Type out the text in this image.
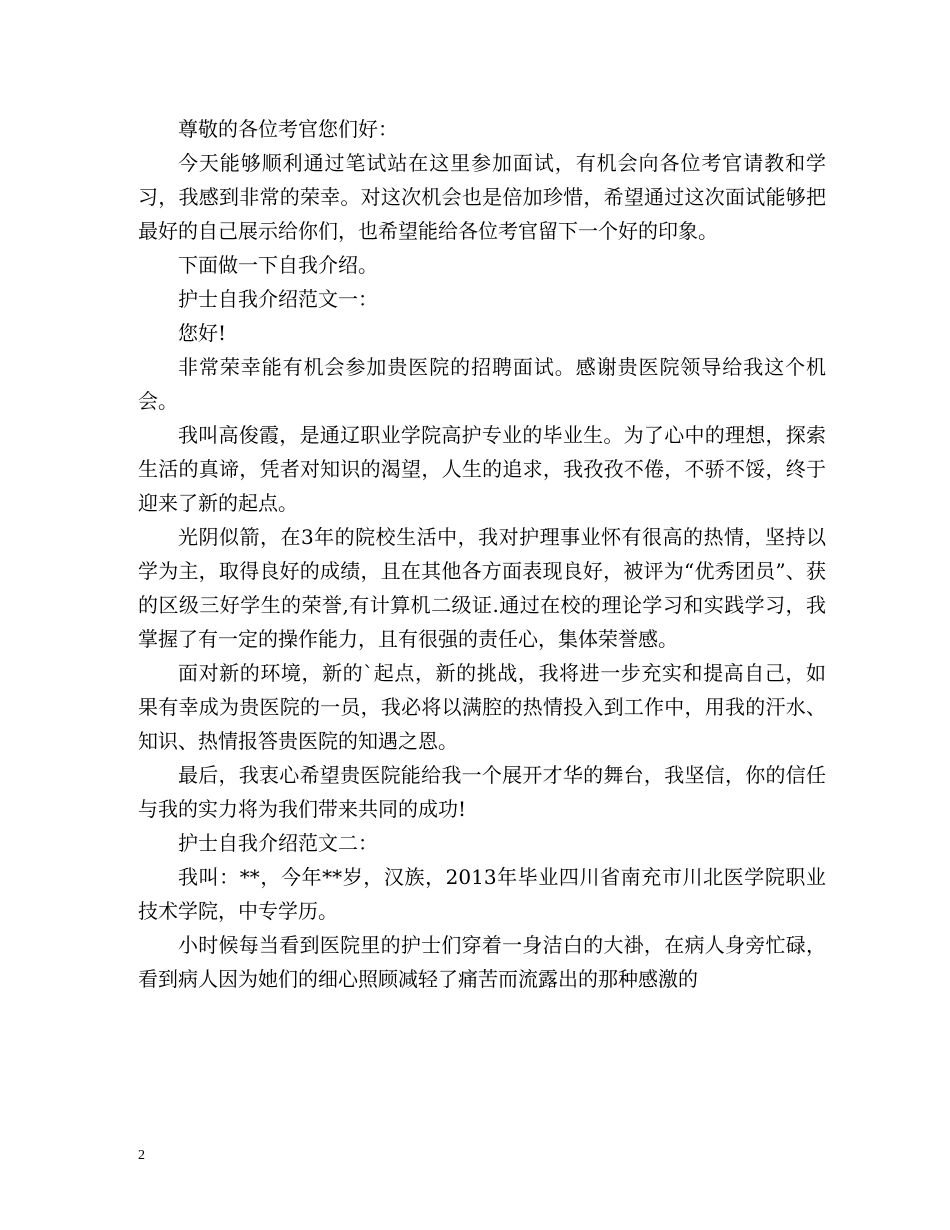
尊敬的各位考官您们好：

今天能够顺利通过笔试站在这里参加面试，有机会向各位考官请教和学习，我感到非常的荣幸。对这次机会也是倍加珍惜，希望通过这次面试能够把最好的自己展示给你们，也希望能给各位考官留下一个好的印象。

下面做一下自我介绍。

护士自我介绍范文一：

您好!

非常荣幸能有机会参加贵医院的招聘面试。感谢贵医院领导给我这个机会。

我叫高俊霞，是通辽职业学院高护专业的毕业生。为了心中的理想，探索生活的真谛，凭者对知识的渴望，人生的追求，我孜孜不倦，不骄不馁，终于迎来了新的起点。

光阴似箭，在3年的院校生活中，我对护理事业怀有很高的热情，坚持以学为主，取得良好的成绩，且在其他各方面表现良好，被评为“优秀团员”、获的区级三好学生的荣誉,有计算机二级证.通过在校的理论学习和实践学习，我掌握了有一定的操作能力，且有很强的责任心，集体荣誉感。

面对新的环境，新的`起点，新的挑战，我将进一步充实和提高自己，如果有幸成为贵医院的一员，我必将以满腔的热情投入到工作中，用我的汗水、知识、热情报答贵医院的知遇之恩。

最后，我衷心希望贵医院能给我一个展开才华的舞台，我坚信，你的信任与我的实力将为我们带来共同的成功!

护士自我介绍范文二：

我叫：**，今年**岁，汉族，2013年毕业四川省南充市川北医学院职业技术学院，中专学历。

小时候每当看到医院里的护士们穿着一身洁白的大褂，在病人身旁忙碌，看到病人因为她们的细心照顾减轻了痛苦而流露出的那种感激的

2
